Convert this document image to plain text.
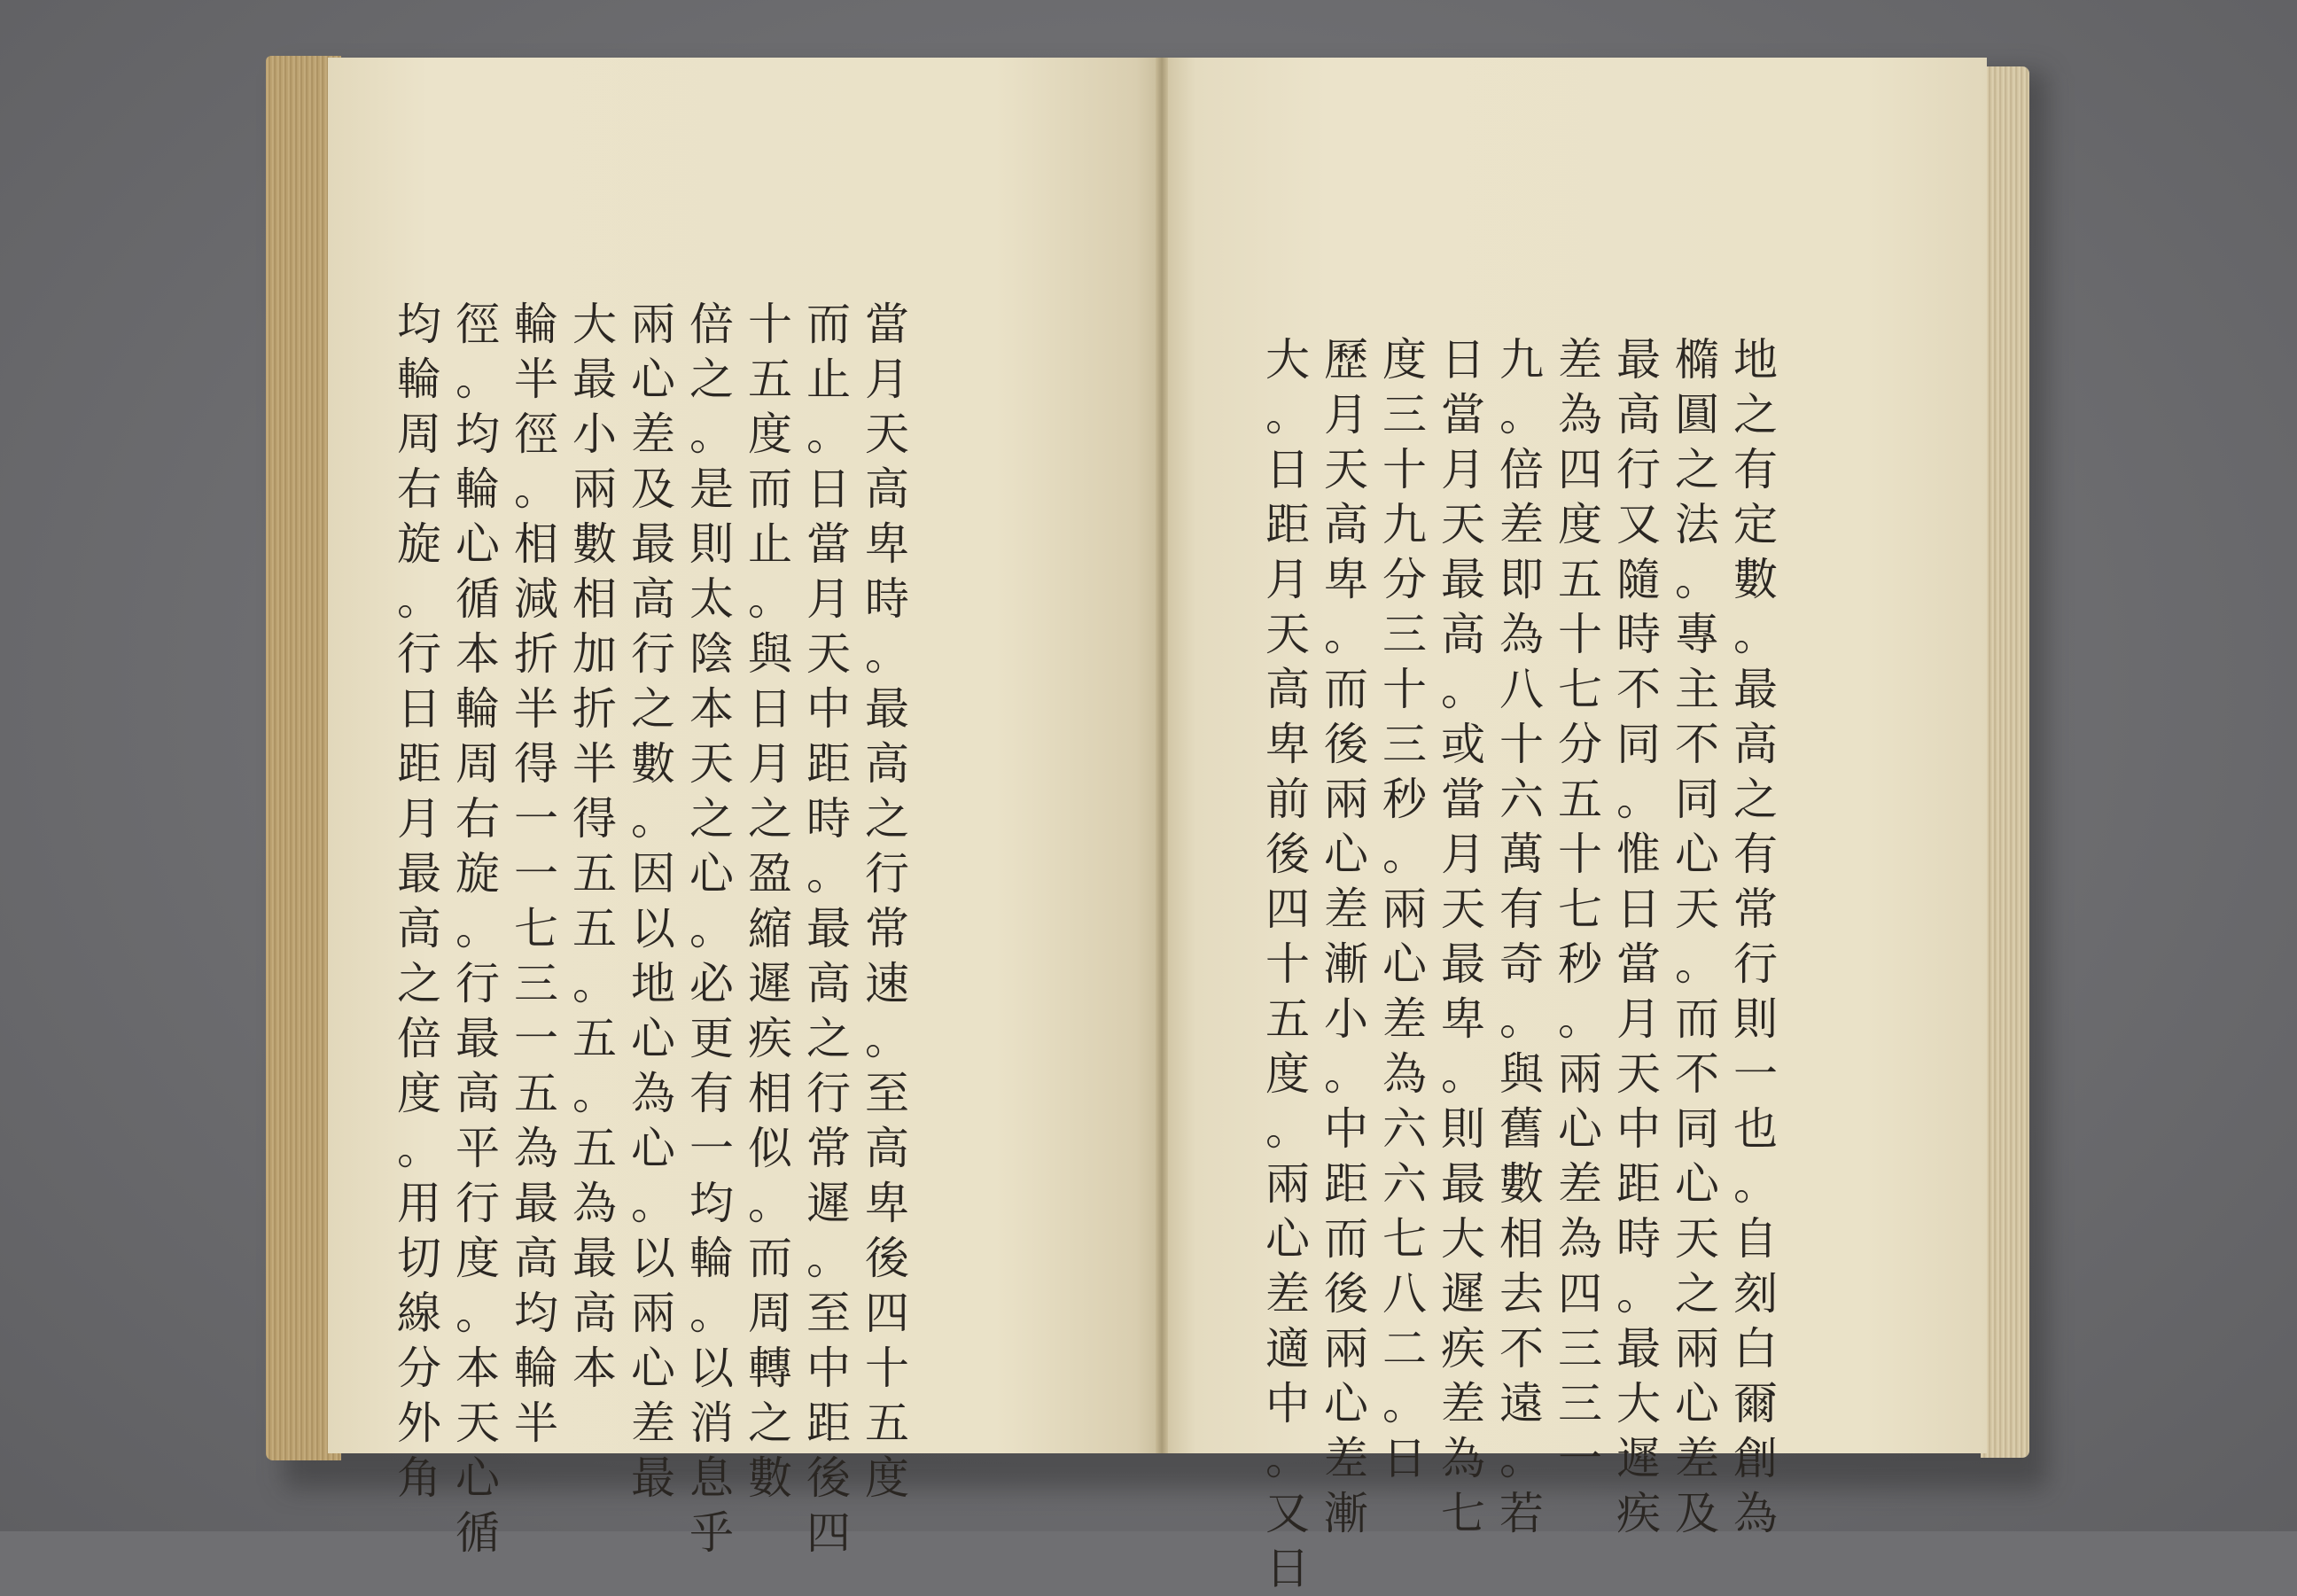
當
月
天
高
卑
時
。
最
高
之
行
常
速
。
至
高
卑
後
四
十
五
度
而
止
。
日
當
月
天
中
距
時
。
最
高
之
行
常
遲
。
至
中
距
後
四
十
五
度
而
止
。
與
日
月
之
盈
縮
遲
疾
相
似
。
而
周
轉
之
數
倍
之
。
是
則
太
陰
本
天
之
心
。
必
更
有
一
均
輪
。
以
消
息
乎
兩
心
差
及
最
高
行
之
數
。
因
以
地
心
為
心
。
以
兩
心
差
最
大
最
小
兩
數
相
加
折
半
得
五
五
。
五
。
五
為
最
高
本
輪
半
徑
。
相
減
折
半
得
一
一
七
三
一
五
為
最
高
均
輪
半
徑
。
均
輪
心
循
本
輪
周
右
旋
。
行
最
高
平
行
度
。
本
天
心
循
均
輪
周
右
旋
。
行
日
距
月
最
高
之
倍
度
。
用
切
線
分
外
角
地
之
有
定
數
。
最
高
之
有
常
行
則
一
也
。
自
刻
白
爾
創
為
橢
圓
之
法
。
專
主
不
同
心
天
。
而
不
同
心
天
之
兩
心
差
及
最
高
行
又
隨
時
不
同
。
惟
日
當
月
天
中
距
時
。
最
大
遲
疾
差
為
四
度
五
十
七
分
五
十
七
秒
。
兩
心
差
為
四
三
三
一
九
。
倍
差
即
為
八
十
六
萬
有
奇
。
與
舊
數
相
去
不
遠
。
若
日
當
月
天
最
高
。
或
當
月
天
最
卑
。
則
最
大
遲
疾
差
為
七
度
三
十
九
分
三
十
三
秒
。
兩
心
差
為
六
六
七
八
二
。
日
歷
月
天
高
卑
。
而
後
兩
心
差
漸
小
。
中
距
而
後
兩
心
差
漸
大
。
日
距
月
天
高
卑
前
後
四
十
五
度
。
兩
心
差
適
中
。
又
日
